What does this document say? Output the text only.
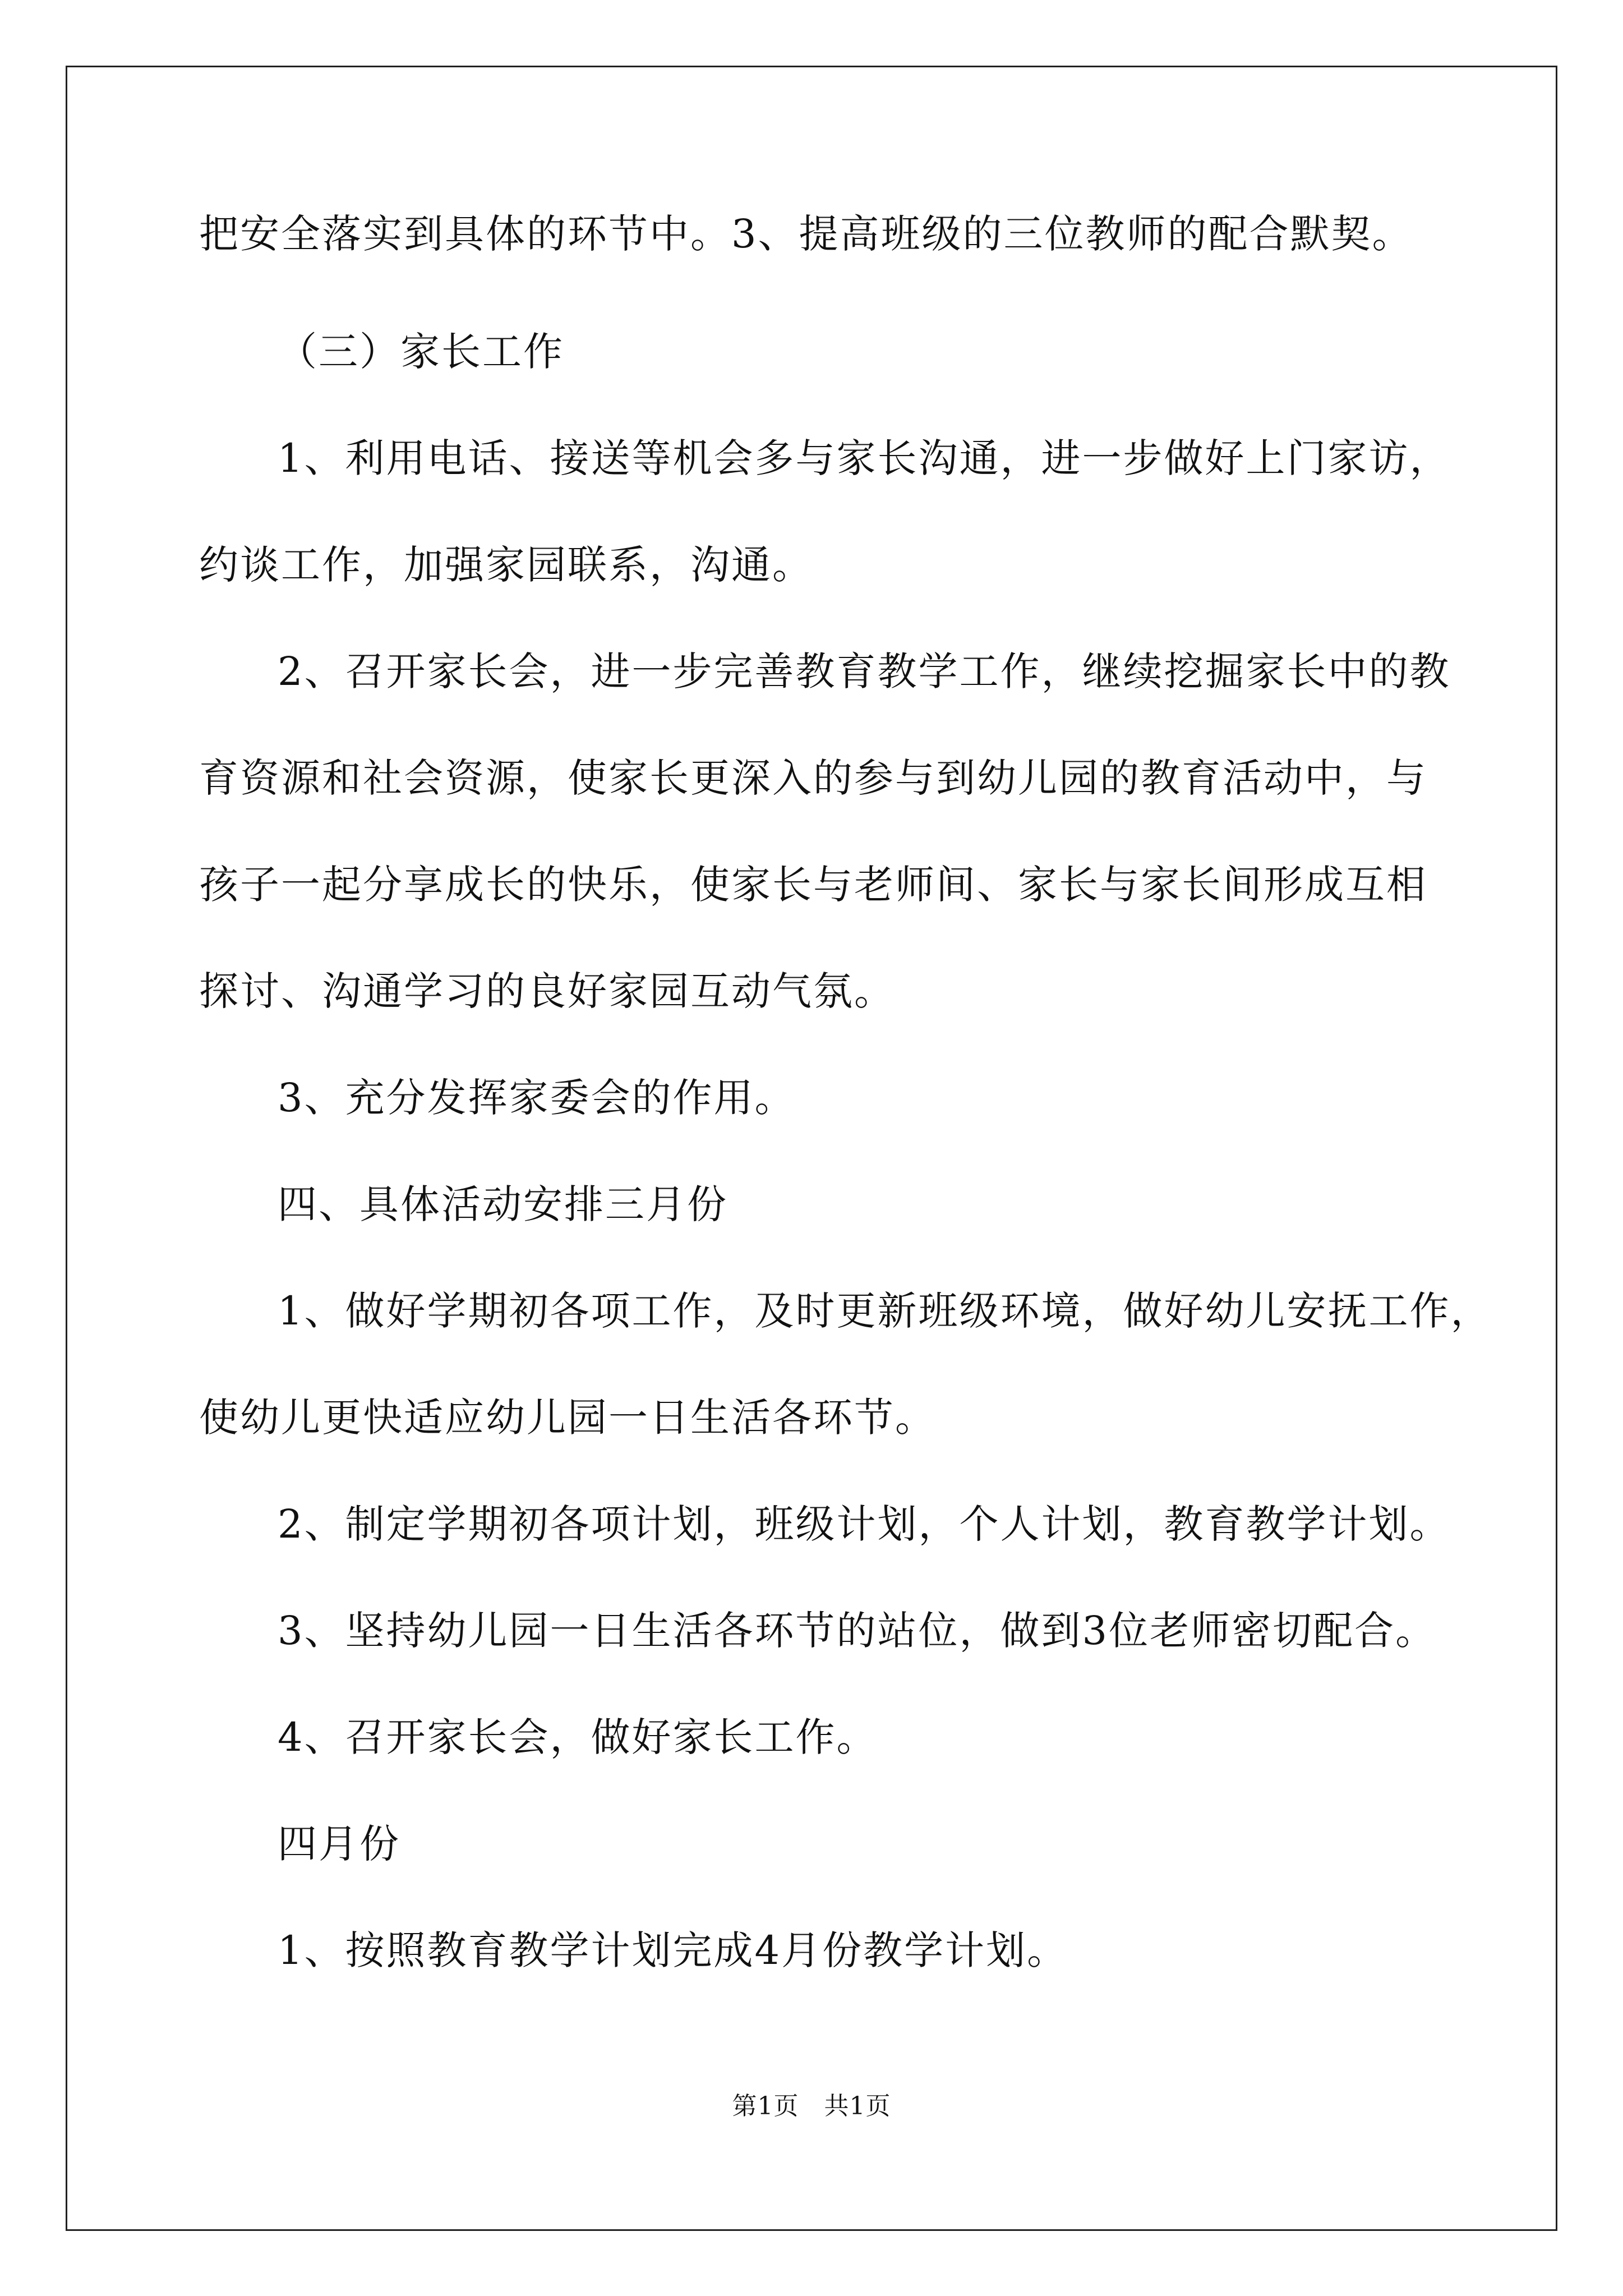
把安全落实到具体的环节中。3、提高班级的三位教师的配合默契。
（三）家长工作
1、利用电话、接送等机会多与家长沟通，进一步做好上门家访，
约谈工作，加强家园联系，沟通。
2、召开家长会，进一步完善教育教学工作，继续挖掘家长中的教
育资源和社会资源，使家长更深入的参与到幼儿园的教育活动中，与
孩子一起分享成长的快乐，使家长与老师间、家长与家长间形成互相
探讨、沟通学习的良好家园互动气氛。
3、充分发挥家委会的作用。
四、具体活动安排三月份
1、做好学期初各项工作，及时更新班级环境，做好幼儿安抚工作，
使幼儿更快适应幼儿园一日生活各环节。
2、制定学期初各项计划，班级计划，个人计划，教育教学计划。
3、坚持幼儿园一日生活各环节的站位，做到3位老师密切配合。
4、召开家长会，做好家长工作。
四月份
1、按照教育教学计划完成4月份教学计划。
第1页　共1页
